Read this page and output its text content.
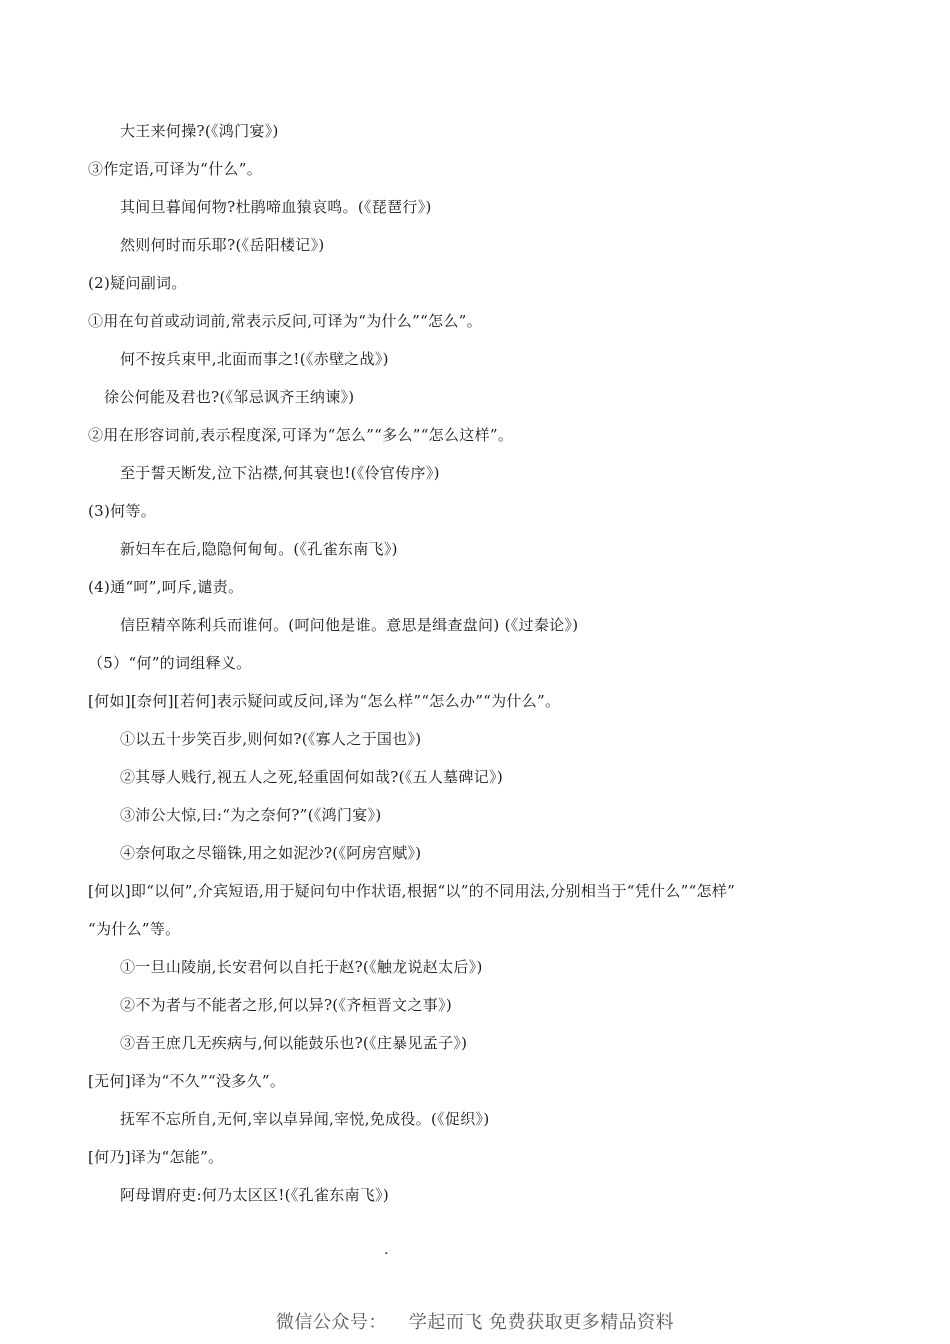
大王来何操?(《鸿门宴》)
③作定语,可译为“什么”。
其间旦暮闻何物?杜鹃啼血猿哀鸣。(《琵琶行》)
然则何时而乐耶?(《岳阳楼记》)
(2)疑问副词。
①用在句首或动词前,常表示反问,可译为“为什么”“怎么”。
何不按兵束甲,北面而事之!(《赤壁之战》)
徐公何能及君也?(《邹忌讽齐王纳谏》)
②用在形容词前,表示程度深,可译为“怎么”“多么”“怎么这样”。
至于誓天断发,泣下沾襟,何其衰也!(《伶官传序》)
(3)何等。
新妇车在后,隐隐何甸甸。(《孔雀东南飞》)
(4)通“呵”,呵斥,谴责。
信臣精卒陈利兵而谁何。(呵问他是谁。意思是缉查盘问) (《过秦论》)
（5）“何”的词组释义。
[何如][奈何][若何]表示疑问或反问,译为“怎么样”“怎么办”“为什么”。
①以五十步笑百步,则何如?(《寡人之于国也》)
②其辱人贱行,视五人之死,轻重固何如哉?(《五人墓碑记》)
③沛公大惊,曰:“为之奈何?”(《鸿门宴》)
④奈何取之尽锱铢,用之如泥沙?(《阿房宫赋》)
[何以]即“以何”,介宾短语,用于疑问句中作状语,根据“以”的不同用法,分别相当于“凭什么”“怎样”
“为什么”等。
①一旦山陵崩,长安君何以自托于赵?(《触龙说赵太后》)
②不为者与不能者之形,何以异?(《齐桓晋文之事》)
③吾王庶几无疾病与,何以能鼓乐也?(《庄暴见孟子》)
[无何]译为“不久”“没多久”。
抚军不忘所自,无何,宰以卓异闻,宰悦,免成役。(《促织》)
[何乃]译为“怎能”。
阿母谓府吏:何乃太区区!(《孔雀东南飞》)
.
微信公众号： 学起而飞 免费获取更多精品资料
